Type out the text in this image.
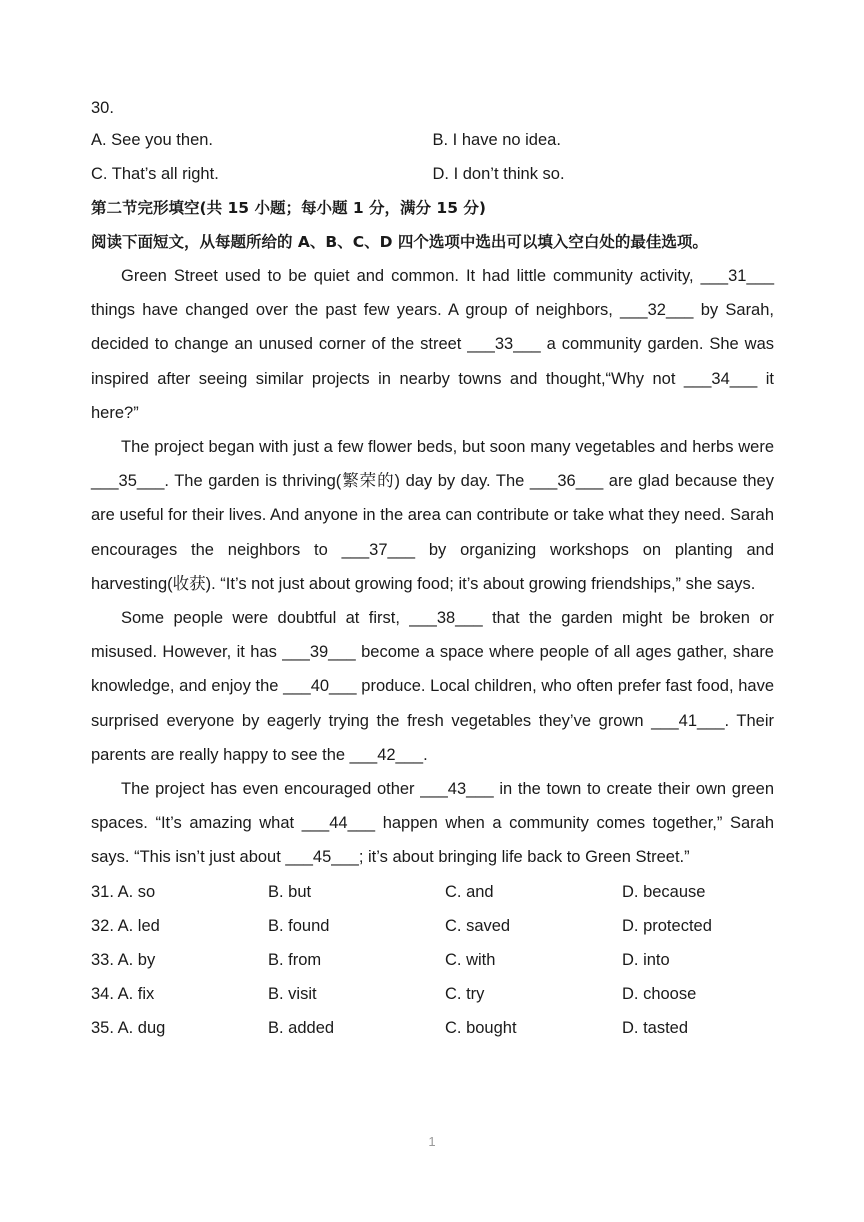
30.
A. See you then.	B. I have no idea.
C. That’s all right.	D. I don’t think so.
第二节完形填空(共 15 小题；每小题 1 分，满分 15 分)
阅读下面短文，从每题所给的 A、B、C、D 四个选项中选出可以填入空白处的最佳选项。
Green Street used to be quiet and common. It had little community activity, ___31___ things have changed over the past few years. A group of neighbors, ___32___ by Sarah, decided to change an unused corner of the street ___33___ a community garden. She was inspired after seeing similar projects in nearby towns and thought,“Why not ___34___ it here?”
The project began with just a few flower beds, but soon many vegetables and herbs were ___35___. The garden is thriving(繁荣的) day by day. The ___36___ are glad because they are useful for their lives. And anyone in the area can contribute or take what they need. Sarah encourages the neighbors to ___37___ by organizing workshops on planting and harvesting(收获). “It’s not just about growing food; it’s about growing friendships,” she says.
Some people were doubtful at first, ___38___ that the garden might be broken or misused. However, it has ___39___ become a space where people of all ages gather, share knowledge, and enjoy the ___40___ produce. Local children, who often prefer fast food, have surprised everyone by eagerly trying the fresh vegetables they’ve grown ___41___. Their parents are really happy to see the ___42___.
The project has even encouraged other ___43___ in the town to create their own green spaces. “It’s amazing what ___44___ happen when a community comes together,” Sarah says. “This isn’t just about ___45___; it’s about bringing life back to Green Street.”
31. A. so	B. but	C. and	D. because
32. A. led	B. found	C. saved	D. protected
33. A. by	B. from	C. with	D. into
34. A. fix	B. visit	C. try	D. choose
35. A. dug	B. added	C. bought	D. tasted
1
